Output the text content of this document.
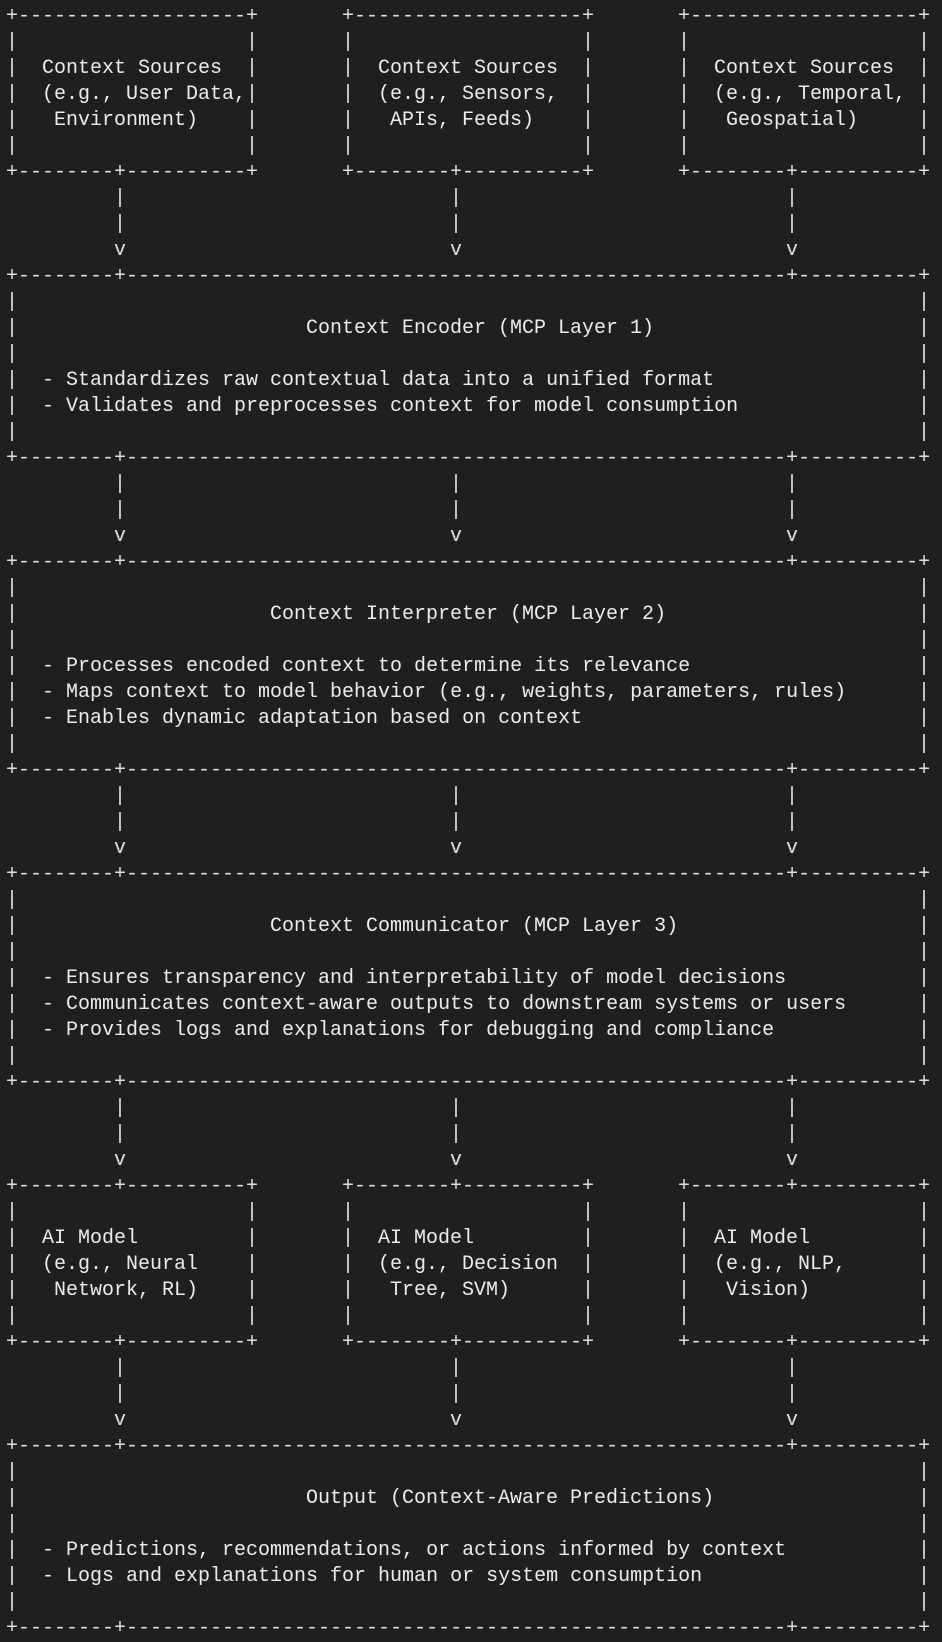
Context Sources
(e.g., User Data,
Environment)
Context Sources
(e.g., Sensors,
APIs, Feeds)
Context Sources
(e.g., Temporal,
Geospatial)
Context Encoder (MCP Layer 1)
- Standardizes raw contextual data into a unified format
- Validates and preprocesses context for model consumption
Context Interpreter (MCP Layer 2)
- Processes encoded context to determine its relevance
- Maps context to model behavior (e.g., weights, parameters, rules)
- Enables dynamic adaptation based on context
Context Communicator (MCP Layer 3)
- Ensures transparency and interpretability of model decisions
- Communicates context-aware outputs to downstream systems or users
- Provides logs and explanations for debugging and compliance
AI Model
(e.g., Neural
Network, RL)
AI Model
(e.g., Decision
Tree, SVM)
AI Model
(e.g., NLP,
Vision)
Output (Context-Aware Predictions)
- Predictions, recommendations, or actions informed by context
- Logs and explanations for human or system consumption
+-------------------+
+--------+----------+
|	|
|	|
|	|
|	|
|	|
+-------------------+
+--------+----------+
|	|
|	|
|	|
|	|
|	|
+-------------------+
+--------+----------+
|	|
|	|
|	|
|	|
|	|
+--------+----------+
+--------+----------+
|	|
|	|
|	|
|	|
|	|
+--------+----------+
+--------+----------+
|	|
|	|
|	|
|	|
|	|
+--------+----------+
+--------+----------+
|	|
|	|
|	|
|	|
|	|
+--------+-------------------------------------------------------+----------+
+--------+-------------------------------------------------------+----------+
|	|
|	|
|	|
|	|
|	|
|	|
+--------+-------------------------------------------------------+----------+
+--------+-------------------------------------------------------+----------+
|	|
|	|
|	|
|	|
|	|
|	|
|	|
+--------+-------------------------------------------------------+----------+
+--------+-------------------------------------------------------+----------+
|	|
|	|
|	|
|	|
|	|
|	|
|	|
+--------+-------------------------------------------------------+----------+
+--------+-------------------------------------------------------+----------+
|	|
|	|
|	|
|	|
|	|
|	|
|
|
v
|
|
v
|
|
v
|
|
v
|
|
v
|
|
v
|
|
v
|
|
v
|
|
v
|
|
v
|
|
v
|
|
v
|
|
v
|
|
v
|
|
v
